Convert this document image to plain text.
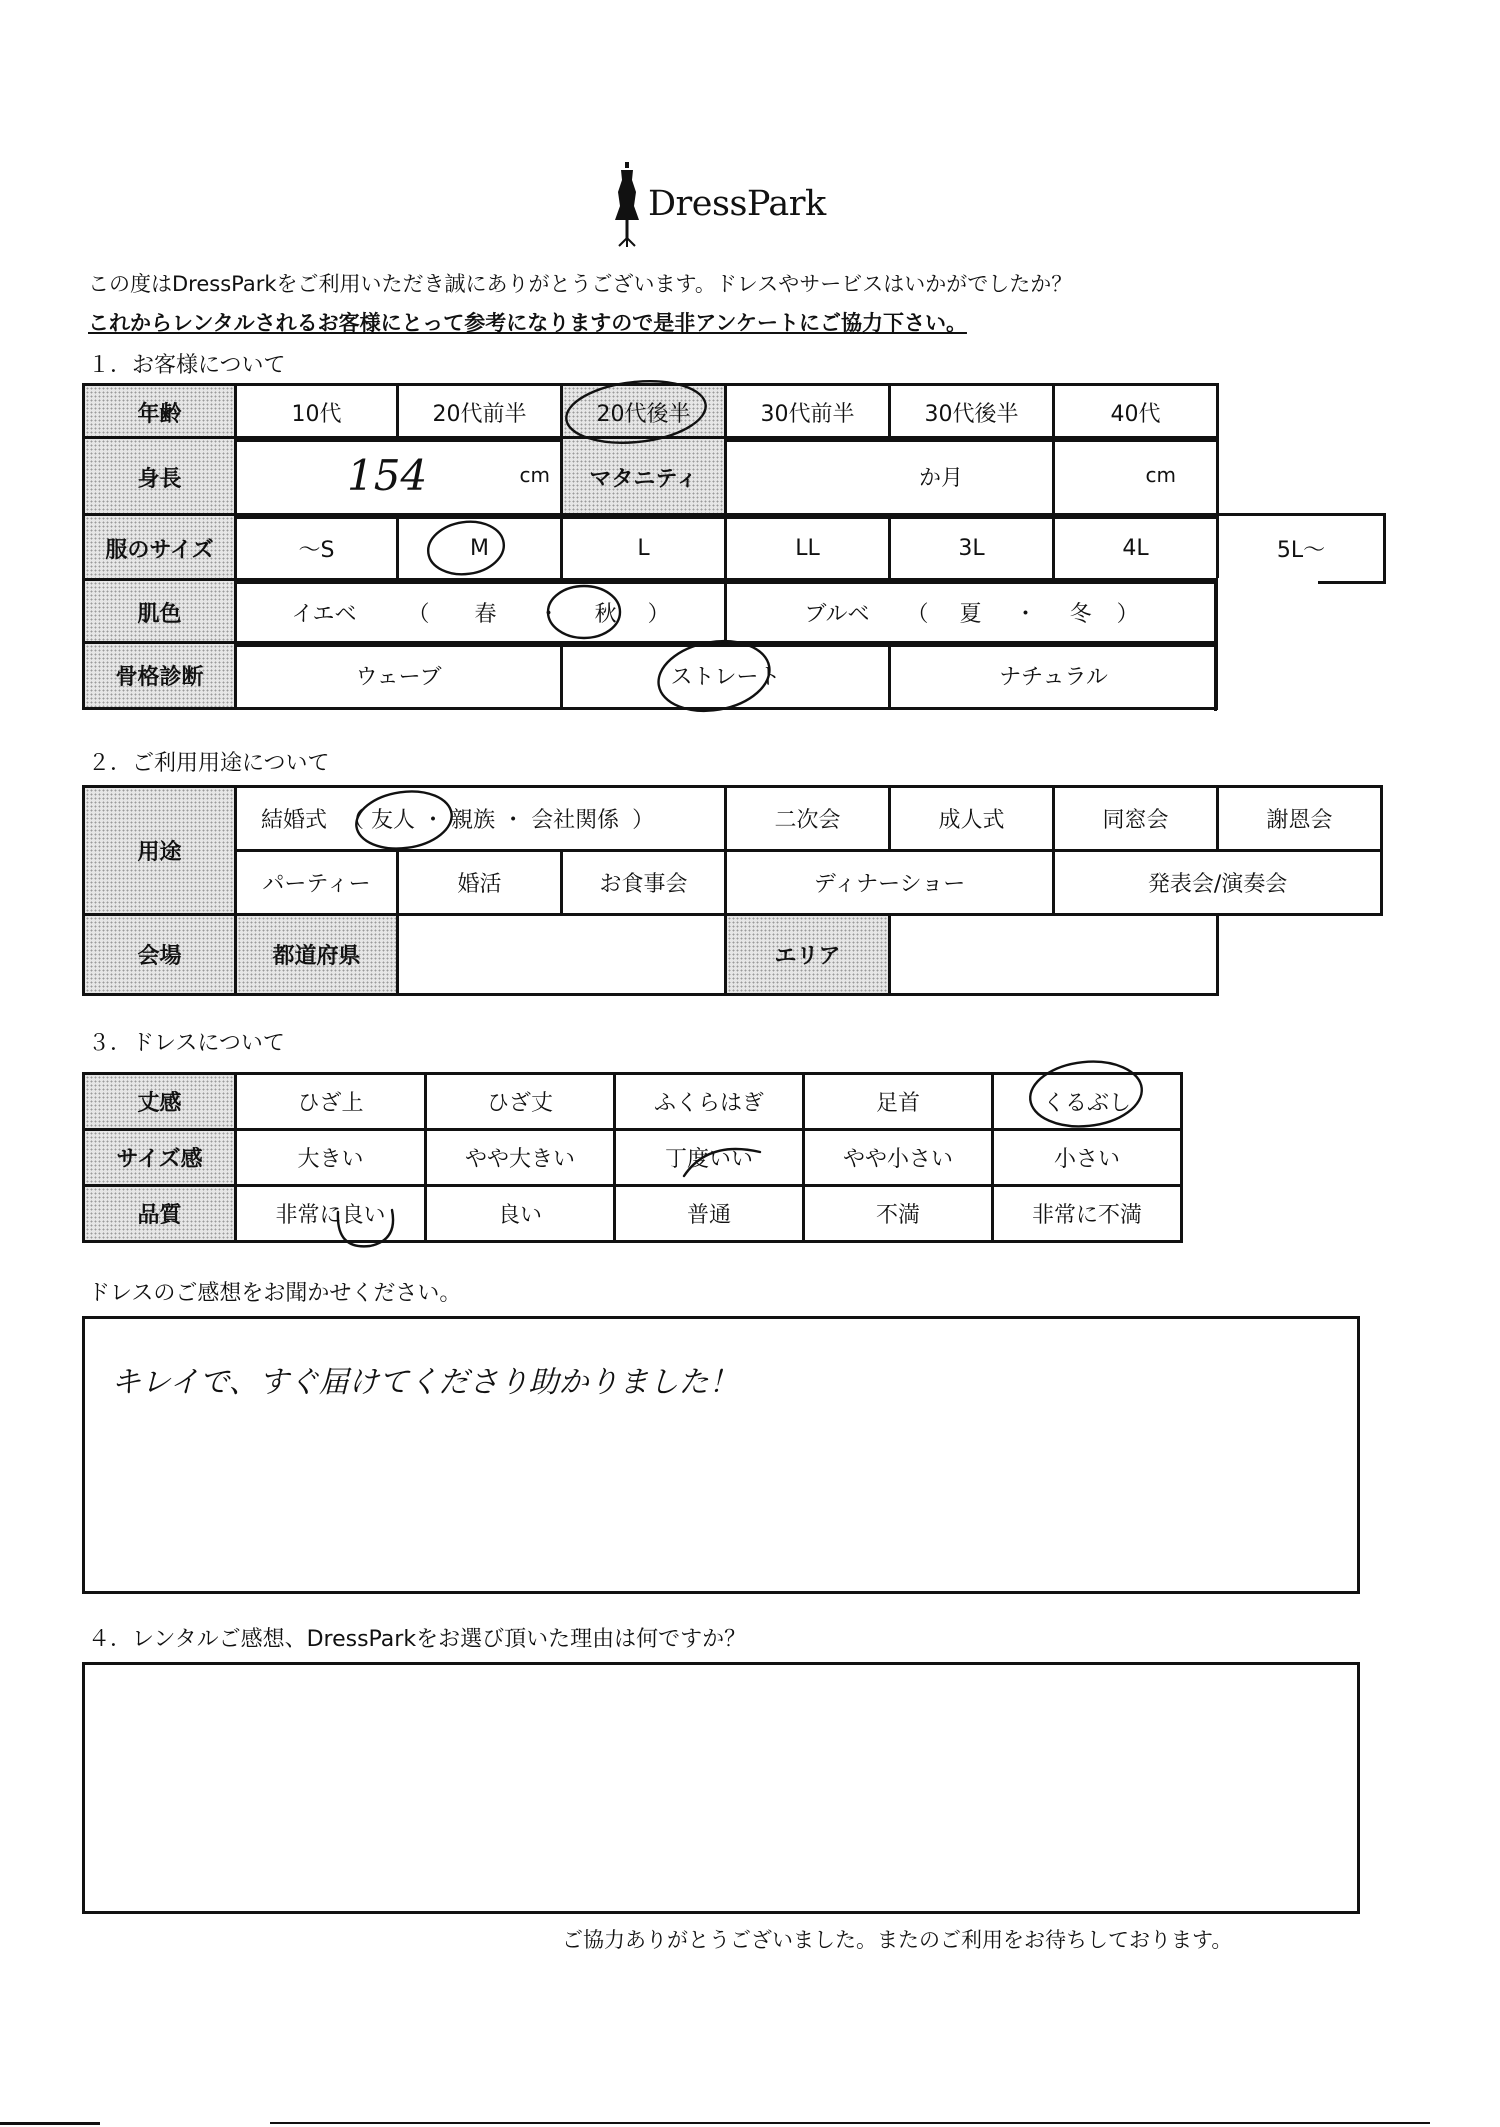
DressPark
この度はDressParkをご利用いただき誠にありがとうございます。ドレスやサービスはいかがでしたか？
これからレンタルされるお客様にとって参考になりますので是非アンケートにご協力下さい。
１．お客様について
年齢	10代	20代前半	20代後半	30代前半	30代後半	40代	
身長	154	cm	マタニティ	か月	cm
服のサイズ	～S	M	L	LL	3L	4L	5L～
肌色	イエベ （ 春 ・ 秋 ）	ブルベ （ 夏 ・ 冬 ）
骨格診断	ウェーブ	ストレート	ナチュラル
２．ご利用用途について
用途	結婚式 （ 友人 ・ 親族 ・ 会社関係 ）			二次会	成人式	同窓会	謝恩会
	パーティー	婚活	お食事会	ディナーショー		発表会/演奏会	
会場	都道府県		エリア	
３．ドレスについて
丈感	ひざ上	ひざ丈	ふくらはぎ	足首	くるぶし
サイズ感	大きい	やや大きい	丁度いい	やや小さい	小さい
品質	非常に良い	良い	普通	不満	非常に不満
ドレスのご感想をお聞かせください。
キレイで、すぐ届けてくださり助かりました！
４．レンタルご感想、DressParkをお選び頂いた理由は何ですか？
ご協力ありがとうございました。またのご利用をお待ちしております。
